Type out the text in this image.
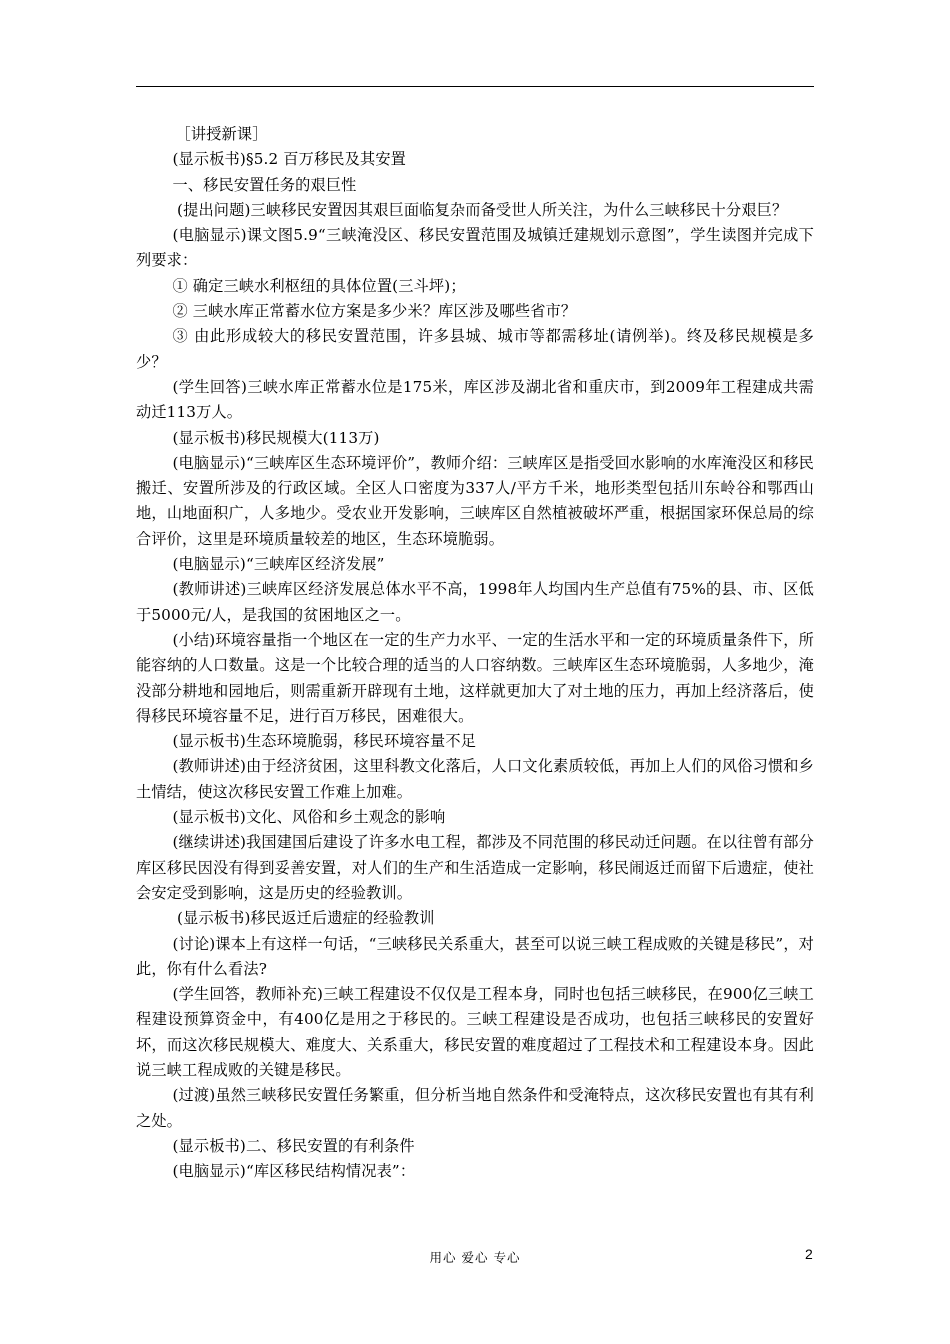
［讲授新课］

(显示板书)§5.2 百万移民及其安置

一、移民安置任务的艰巨性

(提出问题)三峡移民安置因其艰巨面临复杂而备受世人所关注，为什么三峡移民十分艰巨？

(电脑显示)课文图5.9“三峡淹没区、移民安置范围及城镇迁建规划示意图”，学生读图并完成下列要求：

① 确定三峡水利枢纽的具体位置(三斗坪)；

② 三峡水库正常蓄水位方案是多少米？库区涉及哪些省市？

③ 由此形成较大的移民安置范围，许多县城、城市等都需移址(请例举)。终及移民规模是多少？

(学生回答)三峡水库正常蓄水位是175米，库区涉及湖北省和重庆市，到2009年工程建成共需动迁113万人。

(显示板书)移民规模大(113万)

(电脑显示)“三峡库区生态环境评价”，教师介绍：三峡库区是指受回水影响的水库淹没区和移民搬迁、安置所涉及的行政区域。全区人口密度为337人/平方千米，地形类型包括川东岭谷和鄂西山地，山地面积广，人多地少。受农业开发影响，三峡库区自然植被破坏严重，根据国家环保总局的综合评价，这里是环境质量较差的地区，生态环境脆弱。

(电脑显示)“三峡库区经济发展”

(教师讲述)三峡库区经济发展总体水平不高，1998年人均国内生产总值有75%的县、市、区低于5000元/人，是我国的贫困地区之一。

(小结)环境容量指一个地区在一定的生产力水平、一定的生活水平和一定的环境质量条件下，所能容纳的人口数量。这是一个比较合理的适当的人口容纳数。三峡库区生态环境脆弱，人多地少，淹没部分耕地和园地后，则需重新开辟现有土地，这样就更加大了对土地的压力，再加上经济落后，使得移民环境容量不足，进行百万移民，困难很大。

(显示板书)生态环境脆弱，移民环境容量不足

(教师讲述)由于经济贫困，这里科教文化落后，人口文化素质较低，再加上人们的风俗习惯和乡土情结，使这次移民安置工作难上加难。

(显示板书)文化、风俗和乡土观念的影响

(继续讲述)我国建国后建设了许多水电工程，都涉及不同范围的移民动迁问题。在以往曾有部分库区移民因没有得到妥善安置，对人们的生产和生活造成一定影响，移民闹返迁而留下后遗症，使社会安定受到影响，这是历史的经验教训。

(显示板书)移民返迁后遗症的经验教训

(讨论)课本上有这样一句话，“三峡移民关系重大，甚至可以说三峡工程成败的关键是移民”，对此，你有什么看法?

(学生回答，教师补充)三峡工程建设不仅仅是工程本身，同时也包括三峡移民，在900亿三峡工程建设预算资金中，有400亿是用之于移民的。三峡工程建设是否成功，也包括三峡移民的安置好坏，而这次移民规模大、难度大、关系重大，移民安置的难度超过了工程技术和工程建设本身。因此说三峡工程成败的关键是移民。

(过渡)虽然三峡移民安置任务繁重，但分析当地自然条件和受淹特点，这次移民安置也有其有利之处。

(显示板书)二、移民安置的有利条件

(电脑显示)“库区移民结构情况表”：

用心 爱心 专心	2
